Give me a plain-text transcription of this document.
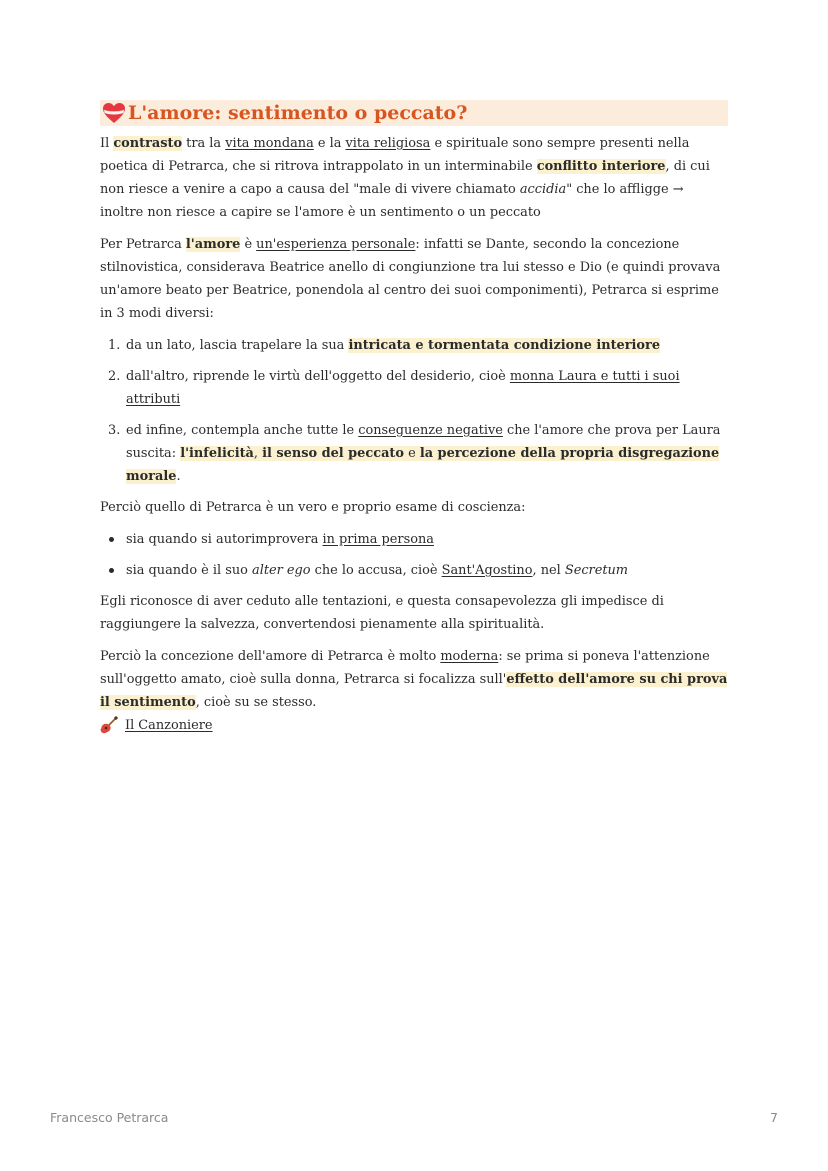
L'amore: sentimento o peccato?

Il contrasto tra la vita mondana e la vita religiosa e spirituale sono sempre presenti nella poetica di Petrarca, che si ritrova intrappolato in un interminabile conflitto interiore, di cui non riesce a venire a capo a causa del "male di vivere chiamato accidia" che lo affligge → inoltre non riesce a capire se l'amore è un sentimento o un peccato

Per Petrarca l'amore è un'esperienza personale: infatti se Dante, secondo la concezione stilnovistica, considerava Beatrice anello di congiunzione tra lui stesso e Dio (e quindi provava un'amore beato per Beatrice, ponendola al centro dei suoi componimenti), Petrarca si esprime in 3 modi diversi:

1. da un lato, lascia trapelare la sua intricata e tormentata condizione interiore
2. dall'altro, riprende le virtù dell'oggetto del desiderio, cioè monna Laura e tutti i suoi attributi
3. ed infine, contempla anche tutte le conseguenze negative che l'amore che prova per Laura suscita: l'infelicità, il senso del peccato e la percezione della propria disgregazione morale.

Perciò quello di Petrarca è un vero e proprio esame di coscienza:

sia quando si autorimprovera in prima persona
sia quando è il suo alter ego che lo accusa, cioè Sant'Agostino, nel Secretum

Egli riconosce di aver ceduto alle tentazioni, e questa consapevolezza gli impedisce di raggiungere la salvezza, convertendosi pienamente alla spiritualità.

Perciò la concezione dell'amore di Petrarca è molto moderna: se prima si poneva l'attenzione sull'oggetto amato, cioè sulla donna, Petrarca si focalizza sull'effetto dell'amore su chi prova il sentimento, cioè su se stesso.

Il Canzoniere
Francesco Petrarca	7
